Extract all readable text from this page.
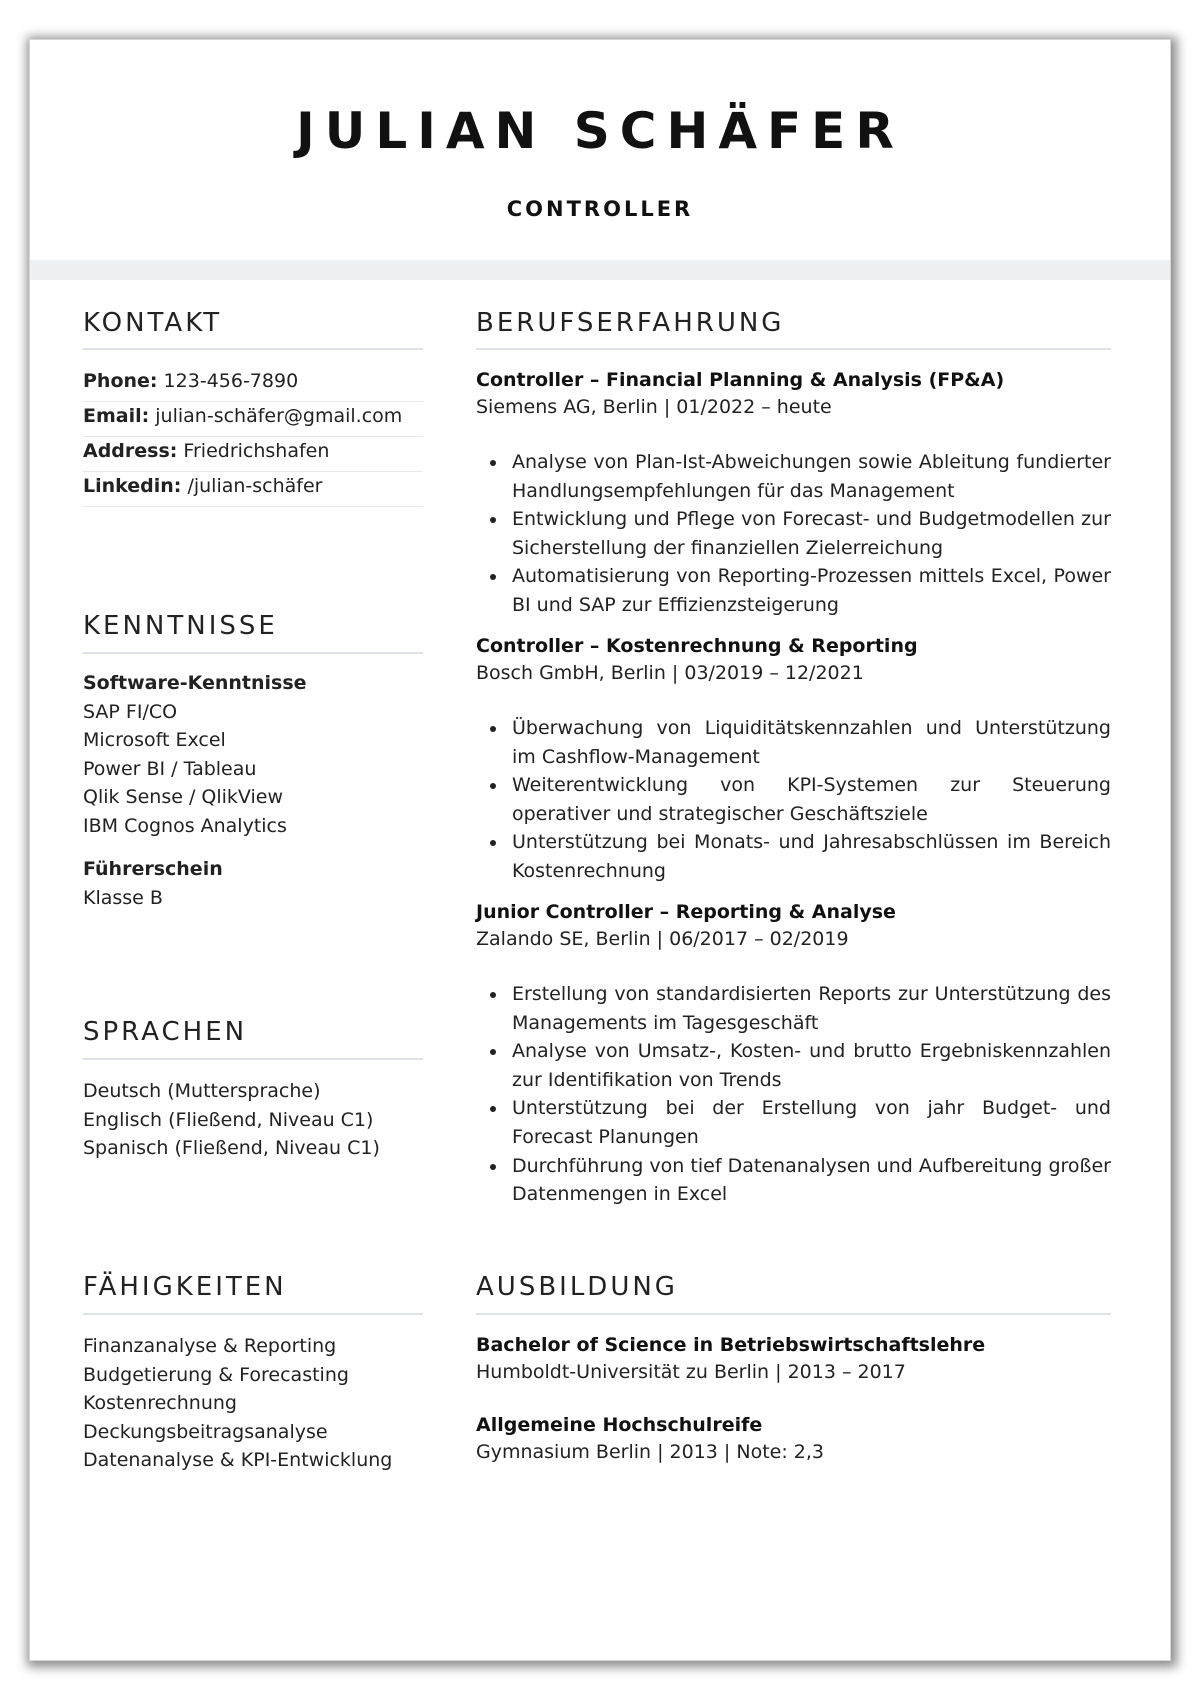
JULIAN SCHÄFER
CONTROLLER
KONTAKT
Phone: 123-456-7890
Email: julian-schäfer@gmail.com
Address: Friedrichshafen
Linkedin: /julian-schäfer
KENNTNISSE
Software-Kenntnisse
SAP FI/CO
Microsoft Excel
Power BI / Tableau
Qlik Sense / QlikView
IBM Cognos Analytics
Führerschein
Klasse B
SPRACHEN
Deutsch (Muttersprache)
Englisch (Fließend, Niveau C1)
Spanisch (Fließend, Niveau C1)
FÄHIGKEITEN
Finanzanalyse & Reporting
Budgetierung & Forecasting
Kostenrechnung
Deckungsbeitragsanalyse
Datenanalyse & KPI-Entwicklung
BERUFSERFAHRUNG
Controller – Financial Planning & Analysis (FP&A)
Siemens AG, Berlin | 01/2022 – heute
Analyse von Plan-Ist-Abweichungen sowie Ableitung fundierter Handlungsempfehlungen für das Management
Entwicklung und Pflege von Forecast- und Budgetmodellen zur Sicherstellung der finanziellen Zielerreichung
Automatisierung von Reporting-Prozessen mittels Excel, Power BI und SAP zur Effizienzsteigerung
Controller – Kostenrechnung & Reporting
Bosch GmbH, Berlin | 03/2019 – 12/2021
Überwachung von Liquiditätskennzahlen und Unterstützung im Cashflow-Management
Weiterentwicklung von KPI-Systemen zur Steuerung operativer und strategischer Geschäftsziele
Unterstützung bei Monats- und Jahresabschlüssen im Bereich Kostenrechnung
Junior Controller – Reporting & Analyse
Zalando SE, Berlin | 06/2017 – 02/2019
Erstellung von standardisierten Reports zur Unterstützung des Managements im Tagesgeschäft
Analyse von Umsatz-, Kosten- und brutto Ergebniskennzahlen zur Identifikation von Trends
Unterstützung bei der Erstellung von jahr Budget- und Forecast Planungen
Durchführung von tief Datenanalysen und Aufbereitung großer Datenmengen in Excel
AUSBILDUNG
Bachelor of Science in Betriebswirtschaftslehre
Humboldt-Universität zu Berlin | 2013 – 2017
Allgemeine Hochschulreife
Gymnasium Berlin | 2013 | Note: 2,3
